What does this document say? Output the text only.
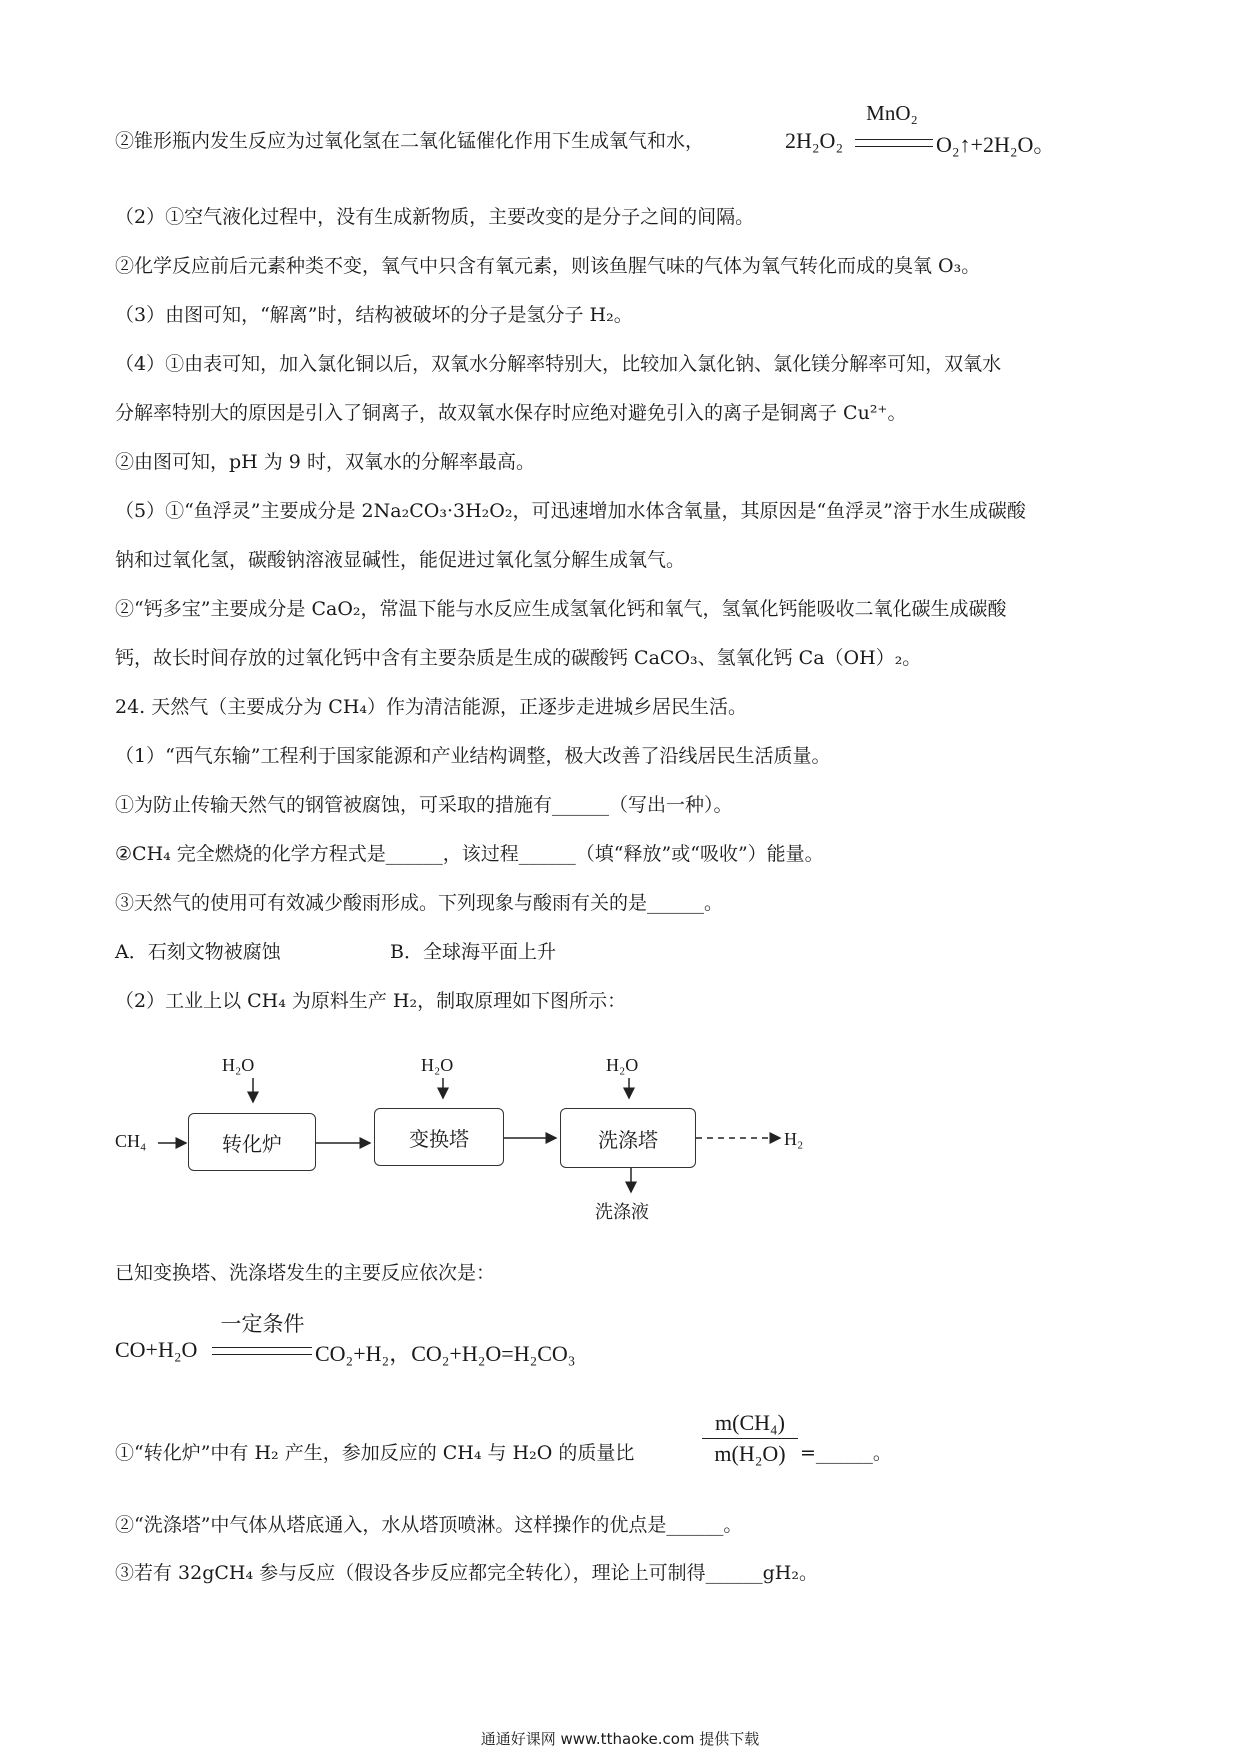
②锥形瓶内发生反应为过氧化氢在二氧化锰催化作用下生成氧气和水，
MnO₂
2H₂O₂	O₂↑+2H₂O。
（2）①空气液化过程中，没有生成新物质，主要改变的是分子之间的间隔。
②化学反应前后元素种类不变，氧气中只含有氧元素，则该鱼腥气味的气体为氧气转化而成的臭氧 O₃。
（3）由图可知，“解离”时，结构被破坏的分子是氢分子 H₂。
（4）①由表可知，加入氯化铜以后，双氧水分解率特别大，比较加入氯化钠、氯化镁分解率可知，双氧水
分解率特别大的原因是引入了铜离子，故双氧水保存时应绝对避免引入的离子是铜离子 Cu²⁺。
②由图可知，pH 为 9 时，双氧水的分解率最高。
（5）①“鱼浮灵”主要成分是 2Na₂CO₃·3H₂O₂，可迅速增加水体含氧量，其原因是“鱼浮灵”溶于水生成碳酸
钠和过氧化氢，碳酸钠溶液显碱性，能促进过氧化氢分解生成氧气。
②“钙多宝”主要成分是 CaO₂，常温下能与水反应生成氢氧化钙和氧气，氢氧化钙能吸收二氧化碳生成碳酸
钙，故长时间存放的过氧化钙中含有主要杂质是生成的碳酸钙 CaCO₃、氢氧化钙 Ca（OH）₂。
24. 天然气（主要成分为 CH₄）作为清洁能源，正逐步走进城乡居民生活。
（1）“西气东输”工程利于国家能源和产业结构调整，极大改善了沿线居民生活质量。
①为防止传输天然气的钢管被腐蚀，可采取的措施有______（写出一种）。
②CH₄ 完全燃烧的化学方程式是______，该过程______（填“释放”或“吸收”）能量。
③天然气的使用可有效减少酸雨形成。下列现象与酸雨有关的是______。
A．石刻文物被腐蚀	B．全球海平面上升
（2）工业上以 CH₄ 为原料生产 H₂，制取原理如下图所示：
CH₄
H₂O
转化炉
H₂O
变换塔
H₂O
洗涤塔	H₂
洗涤液
已知变换塔、洗涤塔发生的主要反应依次是：
一定条件
CO+H₂O	CO₂+H₂，CO₂+H₂O=H₂CO₃
①“转化炉”中有 H₂ 产生，参加反应的 CH₄ 与 H₂O 的质量比
m(CH₄)
m(H₂O) =______。
②“洗涤塔”中气体从塔底通入，水从塔顶喷淋。这样操作的优点是______。
③若有 32gCH₄ 参与反应（假设各步反应都完全转化），理论上可制得______gH₂。
通通好课网 www.tthaoke.com 提供下载
